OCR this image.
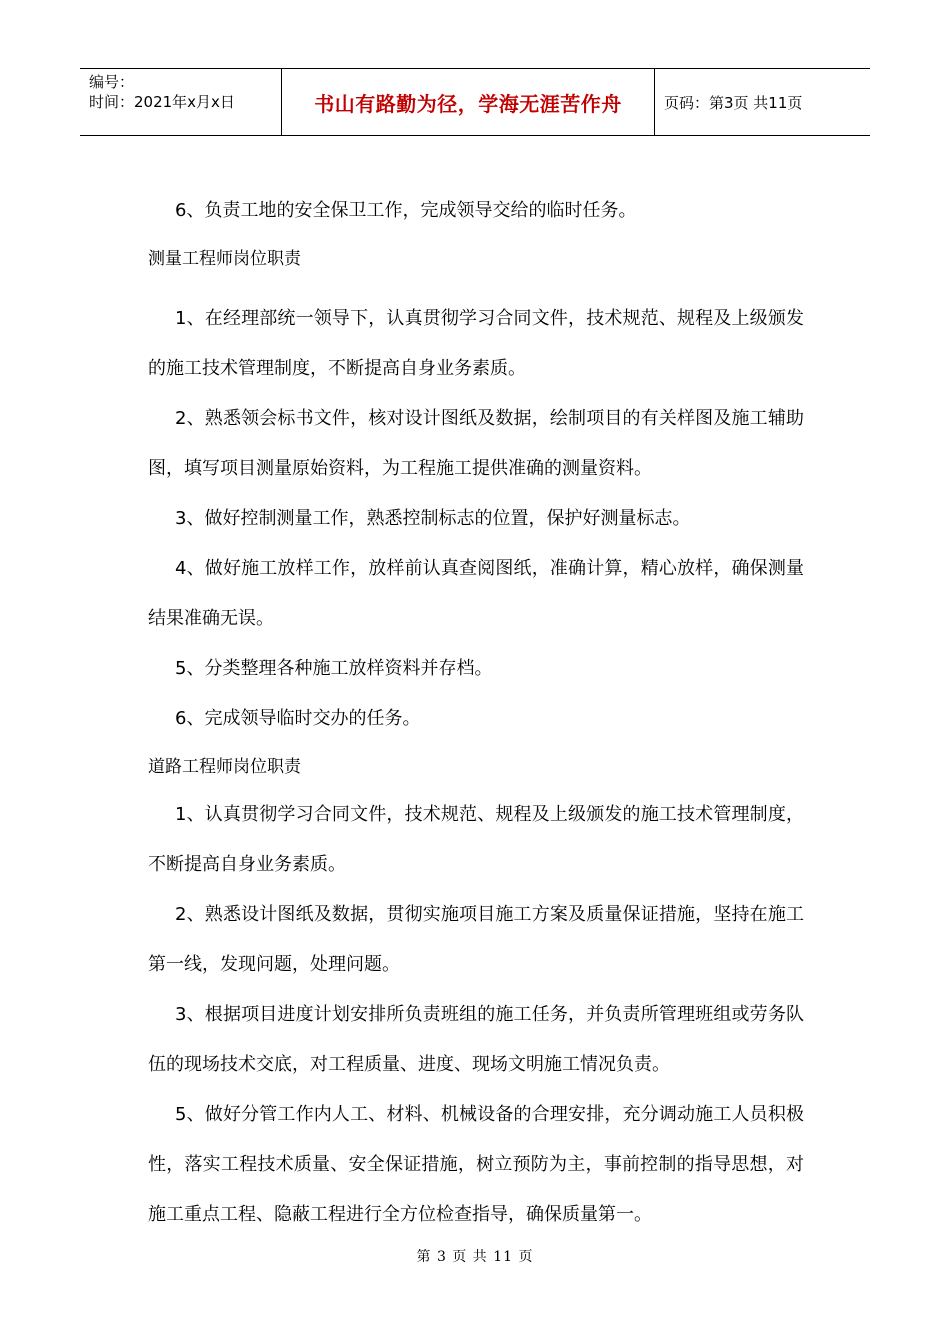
编号：
时间：2021年x月x日	书山有路勤为径，学海无涯苦作舟	页码：第3页 共11页

6、负责工地的安全保卫工作，完成领导交给的临时任务。

测量工程师岗位职责

1、在经理部统一领导下，认真贯彻学习合同文件，技术规范、规程及上级颁发的施工技术管理制度，不断提高自身业务素质。

2、熟悉领会标书文件，核对设计图纸及数据，绘制项目的有关样图及施工辅助图，填写项目测量原始资料，为工程施工提供准确的测量资料。

3、做好控制测量工作，熟悉控制标志的位置，保护好测量标志。

4、做好施工放样工作，放样前认真查阅图纸，准确计算，精心放样，确保测量结果准确无误。

5、分类整理各种施工放样资料并存档。

6、完成领导临时交办的任务。

道路工程师岗位职责

1、认真贯彻学习合同文件，技术规范、规程及上级颁发的施工技术管理制度，不断提高自身业务素质。

2、熟悉设计图纸及数据，贯彻实施项目施工方案及质量保证措施，坚持在施工第一线，发现问题，处理问题。

3、根据项目进度计划安排所负责班组的施工任务，并负责所管理班组或劳务队伍的现场技术交底，对工程质量、进度、现场文明施工情况负责。

5、做好分管工作内人工、材料、机械设备的合理安排，充分调动施工人员积极性，落实工程技术质量、安全保证措施，树立预防为主，事前控制的指导思想，对施工重点工程、隐蔽工程进行全方位检查指导，确保质量第一。

第 3 页 共 11 页
